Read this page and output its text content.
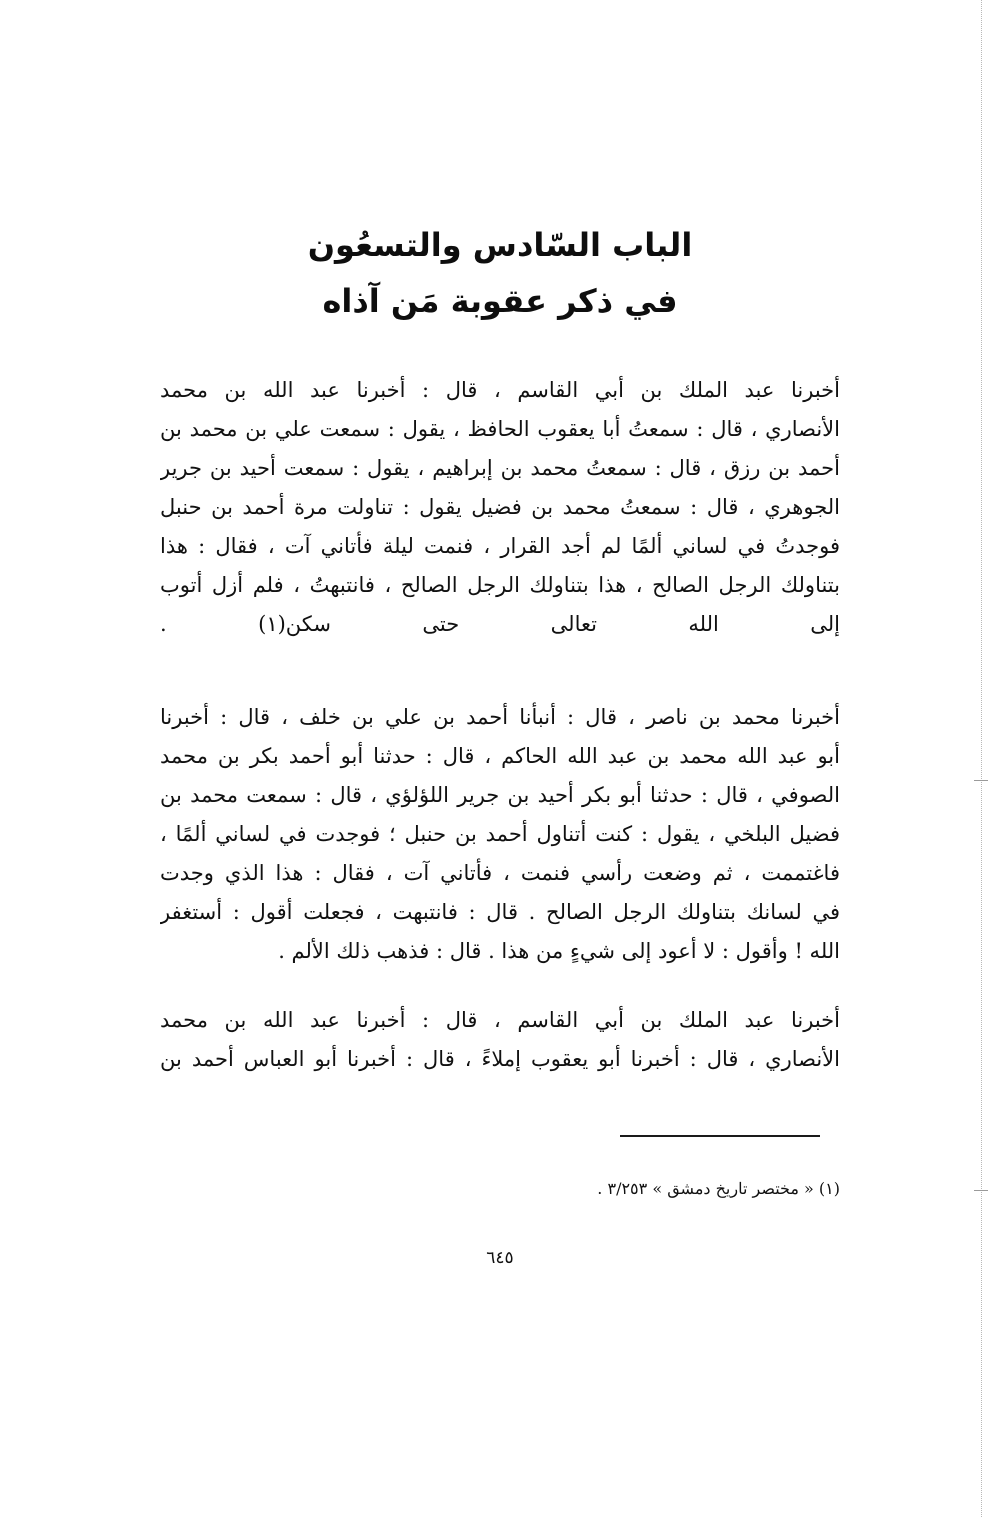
الباب السّادس والتسعُون
في ذكر عقوبة مَن آذاه
أخبرنا عبد الملك بن أبي القاسم ، قال : أخبرنا عبد الله بن محمد
الأنصاري ، قال : سمعتُ أبا يعقوب الحافظ ، يقول : سمعت علي بن محمد بن
أحمد بن رزق ، قال : سمعتُ محمد بن إبراهيم ، يقول : سمعت أحيد بن جرير
الجوهري ، قال : سمعتُ محمد بن فضيل يقول : تناولت مرة أحمد بن حنبل
فوجدتُ في لساني ألمًا لم أجد القرار ، فنمت ليلة فأتاني آت ، فقال : هذا
بتناولك الرجل الصالح ، هذا بتناولك الرجل الصالح ، فانتبهتُ ، فلم أزل أتوب
إلى الله تعالى حتى سكن(١) .
أخبرنا محمد بن ناصر ، قال : أنبأنا أحمد بن علي بن خلف ، قال : أخبرنا
أبو عبد الله محمد بن عبد الله الحاكم ، قال : حدثنا أبو أحمد بكر بن محمد
الصوفي ، قال : حدثنا أبو بكر أحيد بن جرير اللؤلؤي ، قال : سمعت محمد بن
فضيل البلخي ، يقول : كنت أتناول أحمد بن حنبل ؛ فوجدت في لساني ألمًا ،
فاغتممت ، ثم وضعت رأسي فنمت ، فأتاني آت ، فقال : هذا الذي وجدت
في لسانك بتناولك الرجل الصالح . قال : فانتبهت ، فجعلت أقول : أستغفر
الله ! وأقول : لا أعود إلى شيءٍ من هذا . قال : فذهب ذلك الألم .
أخبرنا عبد الملك بن أبي القاسم ، قال : أخبرنا عبد الله بن محمد
الأنصاري ، قال : أخبرنا أبو يعقوب إملاءً ، قال : أخبرنا أبو العباس أحمد بن
(١) « مختصر تاريخ دمشق » ٣/٢٥٣ .
٦٤٥
